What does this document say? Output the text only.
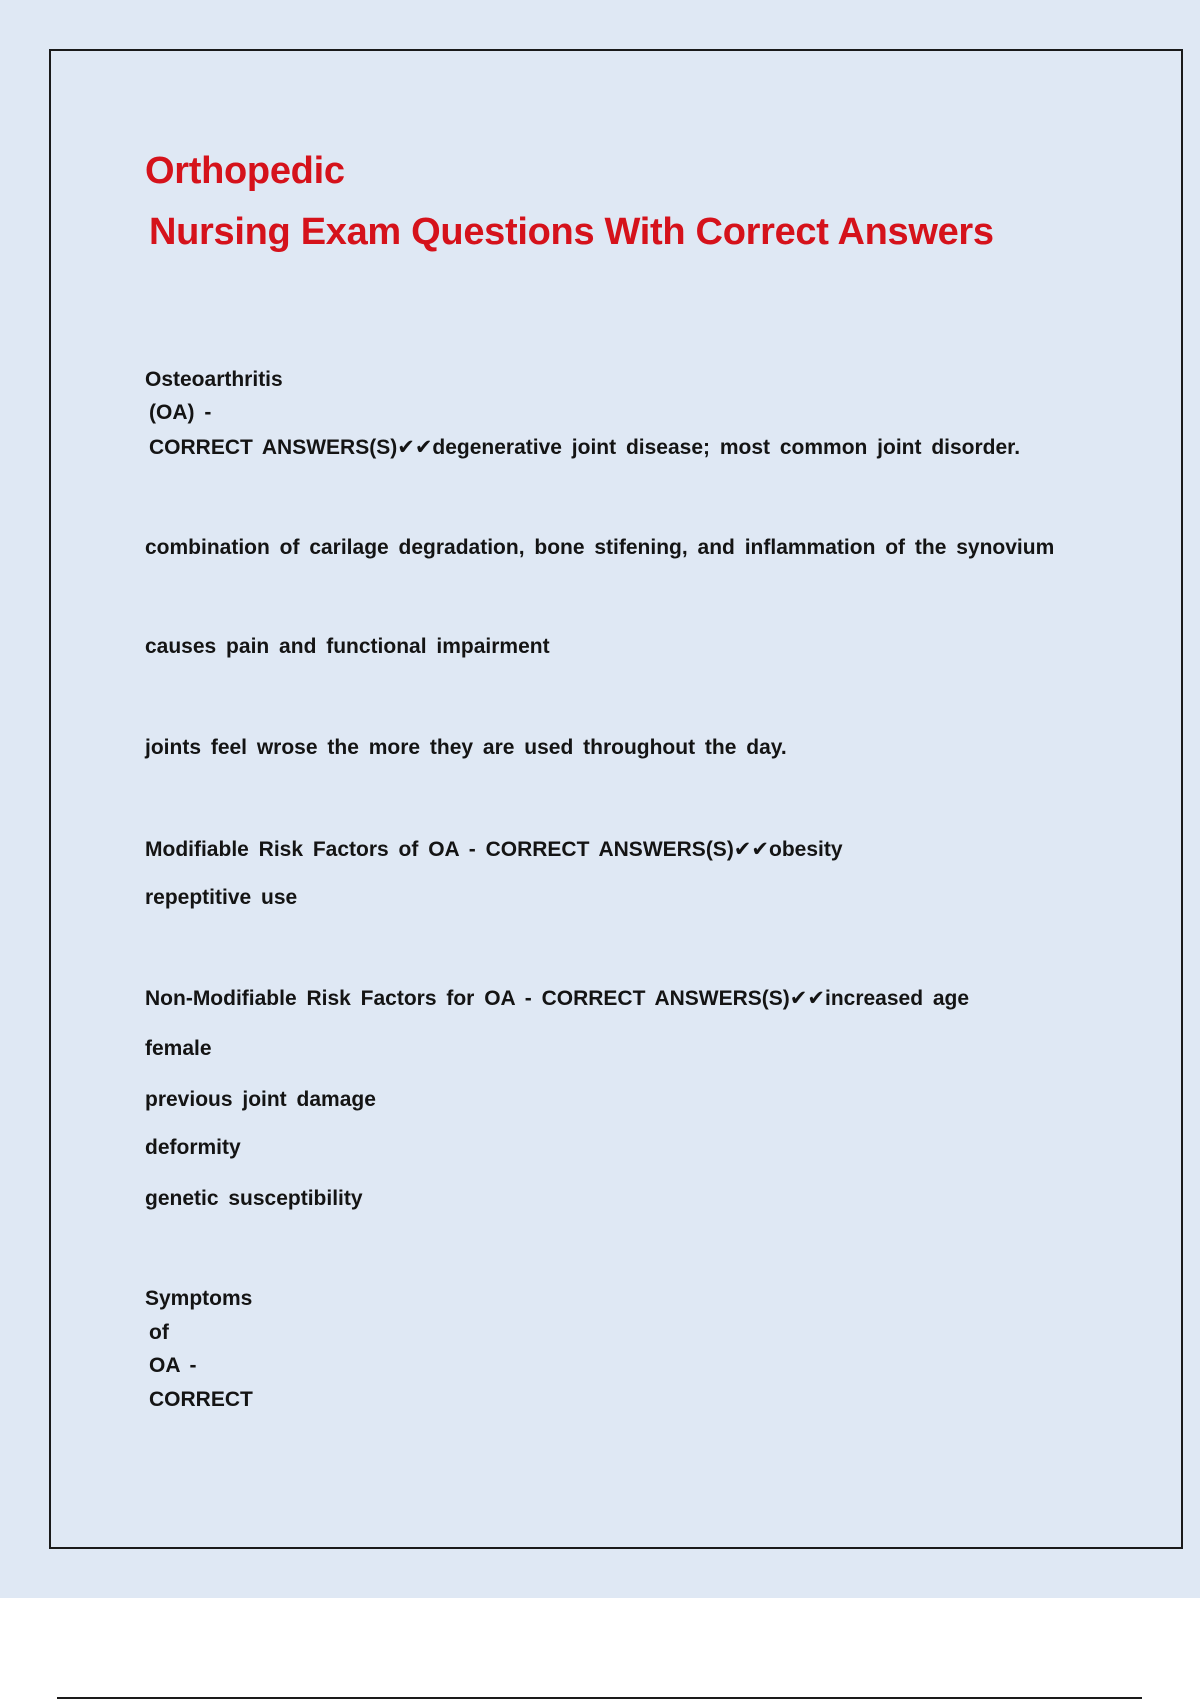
Orthopedic
Nursing Exam Questions With Correct Answers
Osteoarthritis
(OA) -
CORRECT ANSWERS(S)✔✔degenerative joint disease; most common joint disorder.
combination of carilage degradation, bone stifening, and inflammation of the synovium
causes pain and functional impairment
joints feel wrose the more they are used throughout the day.
Modifiable Risk Factors of OA - CORRECT ANSWERS(S)✔✔obesity
repeptitive use
Non-Modifiable Risk Factors for OA - CORRECT ANSWERS(S)✔✔increased age
female
previous joint damage
deformity
genetic susceptibility
Symptoms
of
OA -
CORRECT
